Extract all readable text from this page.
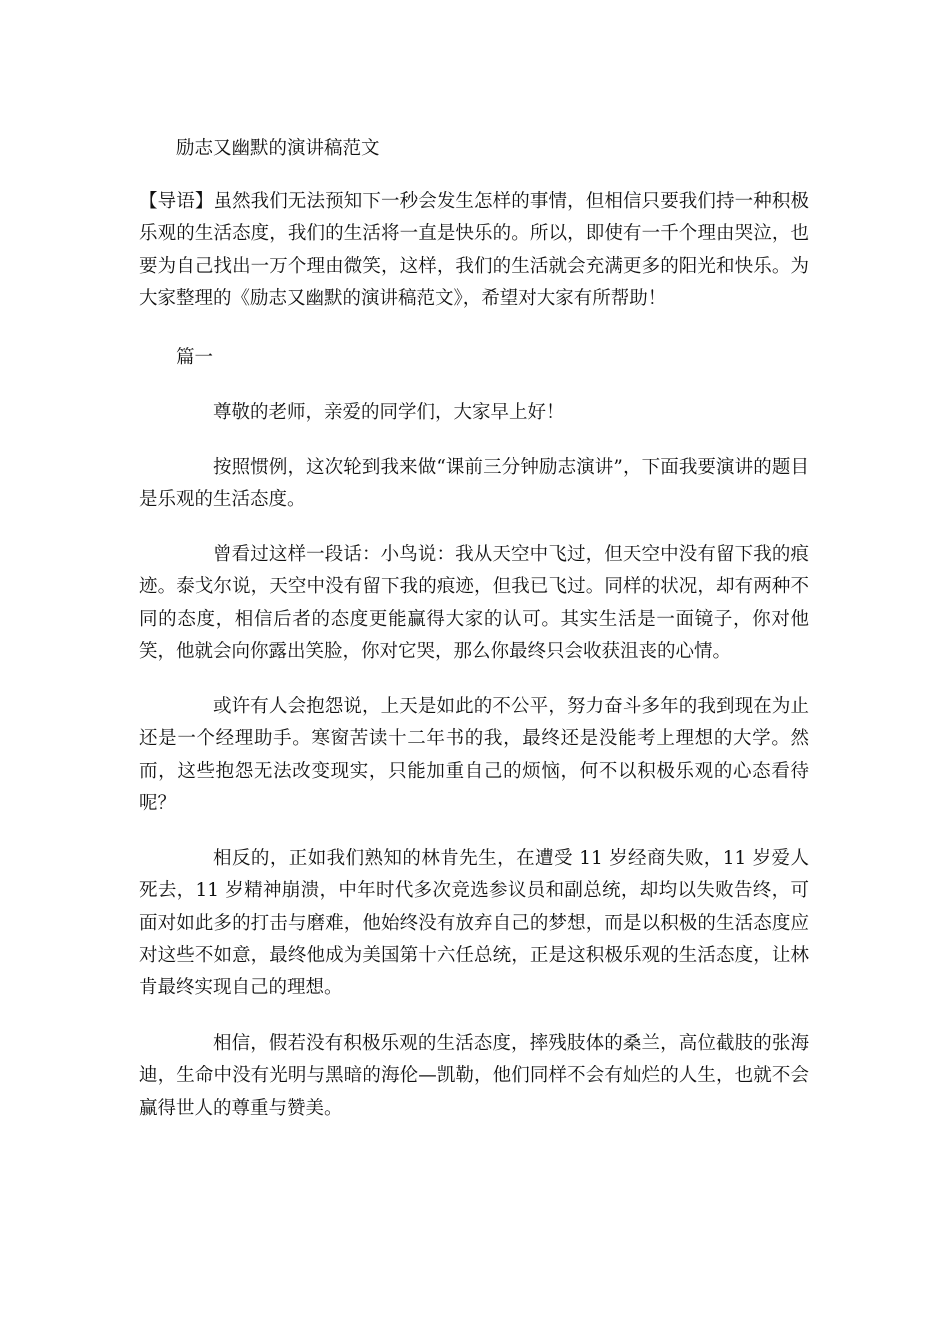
励志又幽默的演讲稿范文

【导语】虽然我们无法预知下一秒会发生怎样的事情，但相信只要我们持一种积极乐观的生活态度，我们的生活将一直是快乐的。所以，即使有一千个理由哭泣，也要为自己找出一万个理由微笑，这样，我们的生活就会充满更多的阳光和快乐。为大家整理的《励志又幽默的演讲稿范文》，希望对大家有所帮助！

篇一

尊敬的老师，亲爱的同学们，大家早上好！

按照惯例，这次轮到我来做“课前三分钟励志演讲”，下面我要演讲的题目是乐观的生活态度。

曾看过这样一段话：小鸟说：我从天空中飞过，但天空中没有留下我的痕迹。泰戈尔说，天空中没有留下我的痕迹，但我已飞过。同样的状况，却有两种不同的态度，相信后者的态度更能赢得大家的认可。其实生活是一面镜子，你对他笑，他就会向你露出笑脸，你对它哭，那么你最终只会收获沮丧的心情。

或许有人会抱怨说，上天是如此的不公平，努力奋斗多年的我到现在为止还是一个经理助手。寒窗苦读十二年书的我，最终还是没能考上理想的大学。然而，这些抱怨无法改变现实，只能加重自己的烦恼，何不以积极乐观的心态看待呢？

相反的，正如我们熟知的林肯先生，在遭受 11 岁经商失败，11 岁爱人死去，11 岁精神崩溃，中年时代多次竞选参议员和副总统，却均以失败告终，可面对如此多的打击与磨难，他始终没有放弃自己的梦想，而是以积极的生活态度应对这些不如意，最终他成为美国第十六任总统，正是这积极乐观的生活态度，让林肯最终实现自己的理想。

相信，假若没有积极乐观的生活态度，摔残肢体的桑兰，高位截肢的张海迪，生命中没有光明与黑暗的海伦—凯勒，他们同样不会有灿烂的人生，也就不会赢得世人的尊重与赞美。
